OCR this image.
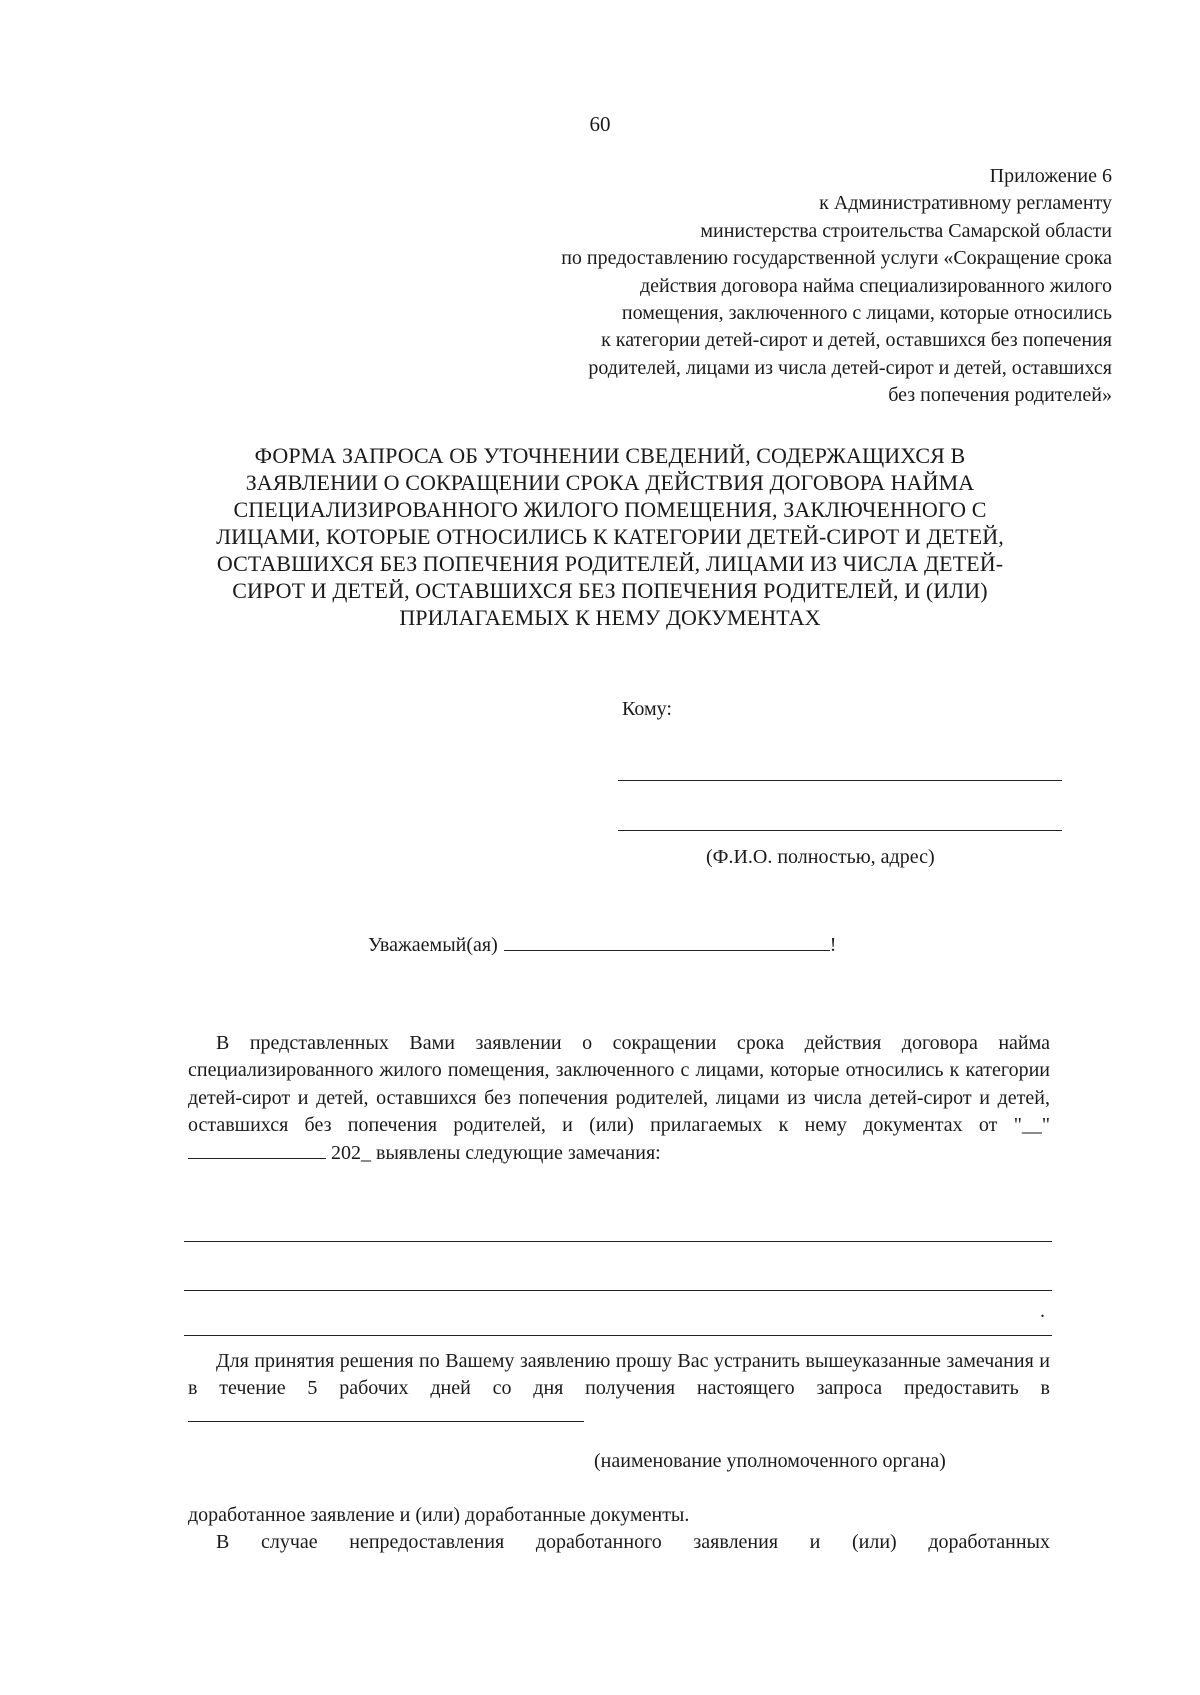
60
Приложение 6
к Административному регламенту
министерства строительства Самарской области
по предоставлению государственной услуги «Сокращение срока
действия договора найма специализированного жилого
помещения, заключенного с лицами, которые относились
к категории детей-сирот и детей, оставшихся без попечения
родителей, лицами из числа детей-сирот и детей, оставшихся
без попечения родителей»
ФОРМА ЗАПРОСА ОБ УТОЧНЕНИИ СВЕДЕНИЙ, СОДЕРЖАЩИХСЯ В
ЗАЯВЛЕНИИ О СОКРАЩЕНИИ СРОКА ДЕЙСТВИЯ ДОГОВОРА НАЙМА
СПЕЦИАЛИЗИРОВАННОГО ЖИЛОГО ПОМЕЩЕНИЯ, ЗАКЛЮЧЕННОГО С
ЛИЦАМИ, КОТОРЫЕ ОТНОСИЛИСЬ К КАТЕГОРИИ ДЕТЕЙ-СИРОТ И ДЕТЕЙ,
ОСТАВШИХСЯ БЕЗ ПОПЕЧЕНИЯ РОДИТЕЛЕЙ, ЛИЦАМИ ИЗ ЧИСЛА ДЕТЕЙ-
СИРОТ И ДЕТЕЙ, ОСТАВШИХСЯ БЕЗ ПОПЕЧЕНИЯ РОДИТЕЛЕЙ, И (ИЛИ)
ПРИЛАГАЕМЫХ К НЕМУ ДОКУМЕНТАХ
Кому:
(Ф.И.О. полностью, адрес)
Уважаемый(ая)	!
В представленных Вами заявлении о сокращении срока действия договора найма специализированного жилого помещения, заключенного с лицами, которые относились к категории детей-сирот и детей, оставшихся без попечения родителей, лицами из числа детей-сирот и детей, оставшихся без попечения родителей, и (или) прилагаемых к нему документах от "__"  202_ выявлены следующие замечания:
.
Для принятия решения по Вашему заявлению прошу Вас устранить вышеуказанные замечания и в течение 5 рабочих дней со дня получения настоящего запроса предоставить в
(наименование уполномоченного органа)
доработанное заявление и (или) доработанные документы.
В случае непредоставления доработанного заявления и (или) доработанных
